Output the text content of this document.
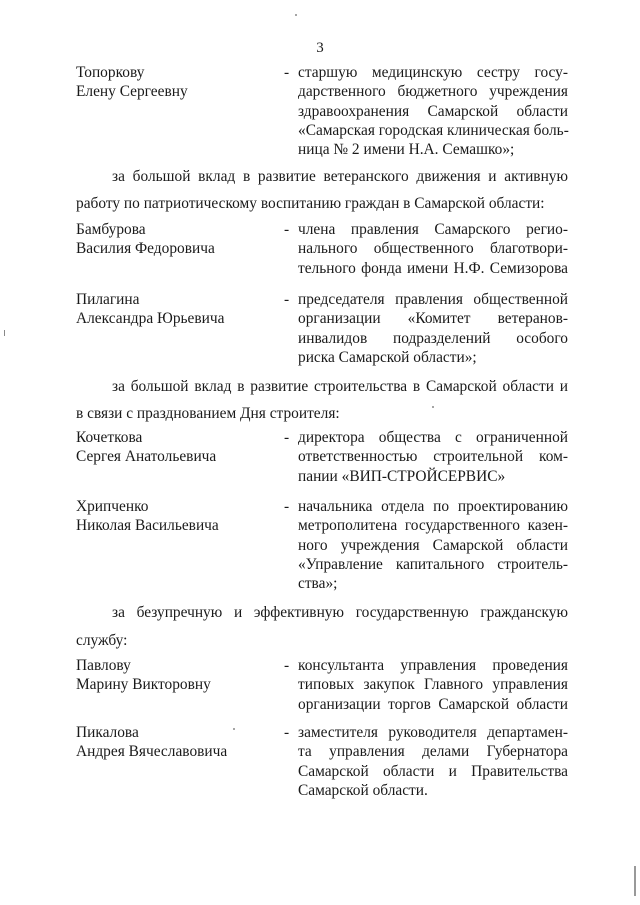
3
Топоркову
Елену Сергеевну
- старшую медицинскую сестру госу-
дарственного бюджетного учреждения
здравоохранения Самарской области
«Самарская городская клиническая боль-
ница № 2 имени Н.А. Семашко»;
за большой вклад в развитие ветеранского движения и активную
работу по патриотическому воспитанию граждан в Самарской области:
Бамбурова
Василия Федоровича
- члена правления Самарского регио-
нального общественного благотвори-
тельного фонда имени Н.Ф. Семизорова
Пилагина
Александра Юрьевича
- председателя правления общественной
организации «Комитет ветеранов-
инвалидов подразделений особого
риска Самарской области»;
за большой вклад в развитие строительства в Самарской области и
в связи с празднованием Дня строителя:
Кочеткова
Сергея Анатольевича
- директора общества с ограниченной
ответственностью строительной ком-
пании «ВИП-СТРОЙСЕРВИС»
Хрипченко
Николая Васильевича
- начальника отдела по проектированию
метрополитена государственного казен-
ного учреждения Самарской области
«Управление капитального строитель-
ства»;
за безупречную и эффективную государственную гражданскую
службу:
Павлову
Марину Викторовну
- консультанта управления проведения
типовых закупок Главного управления
организации торгов Самарской области
Пикалова
Андрея Вячеславовича
- заместителя руководителя департамен-
та управления делами Губернатора
Самарской области и Правительства
Самарской области.
